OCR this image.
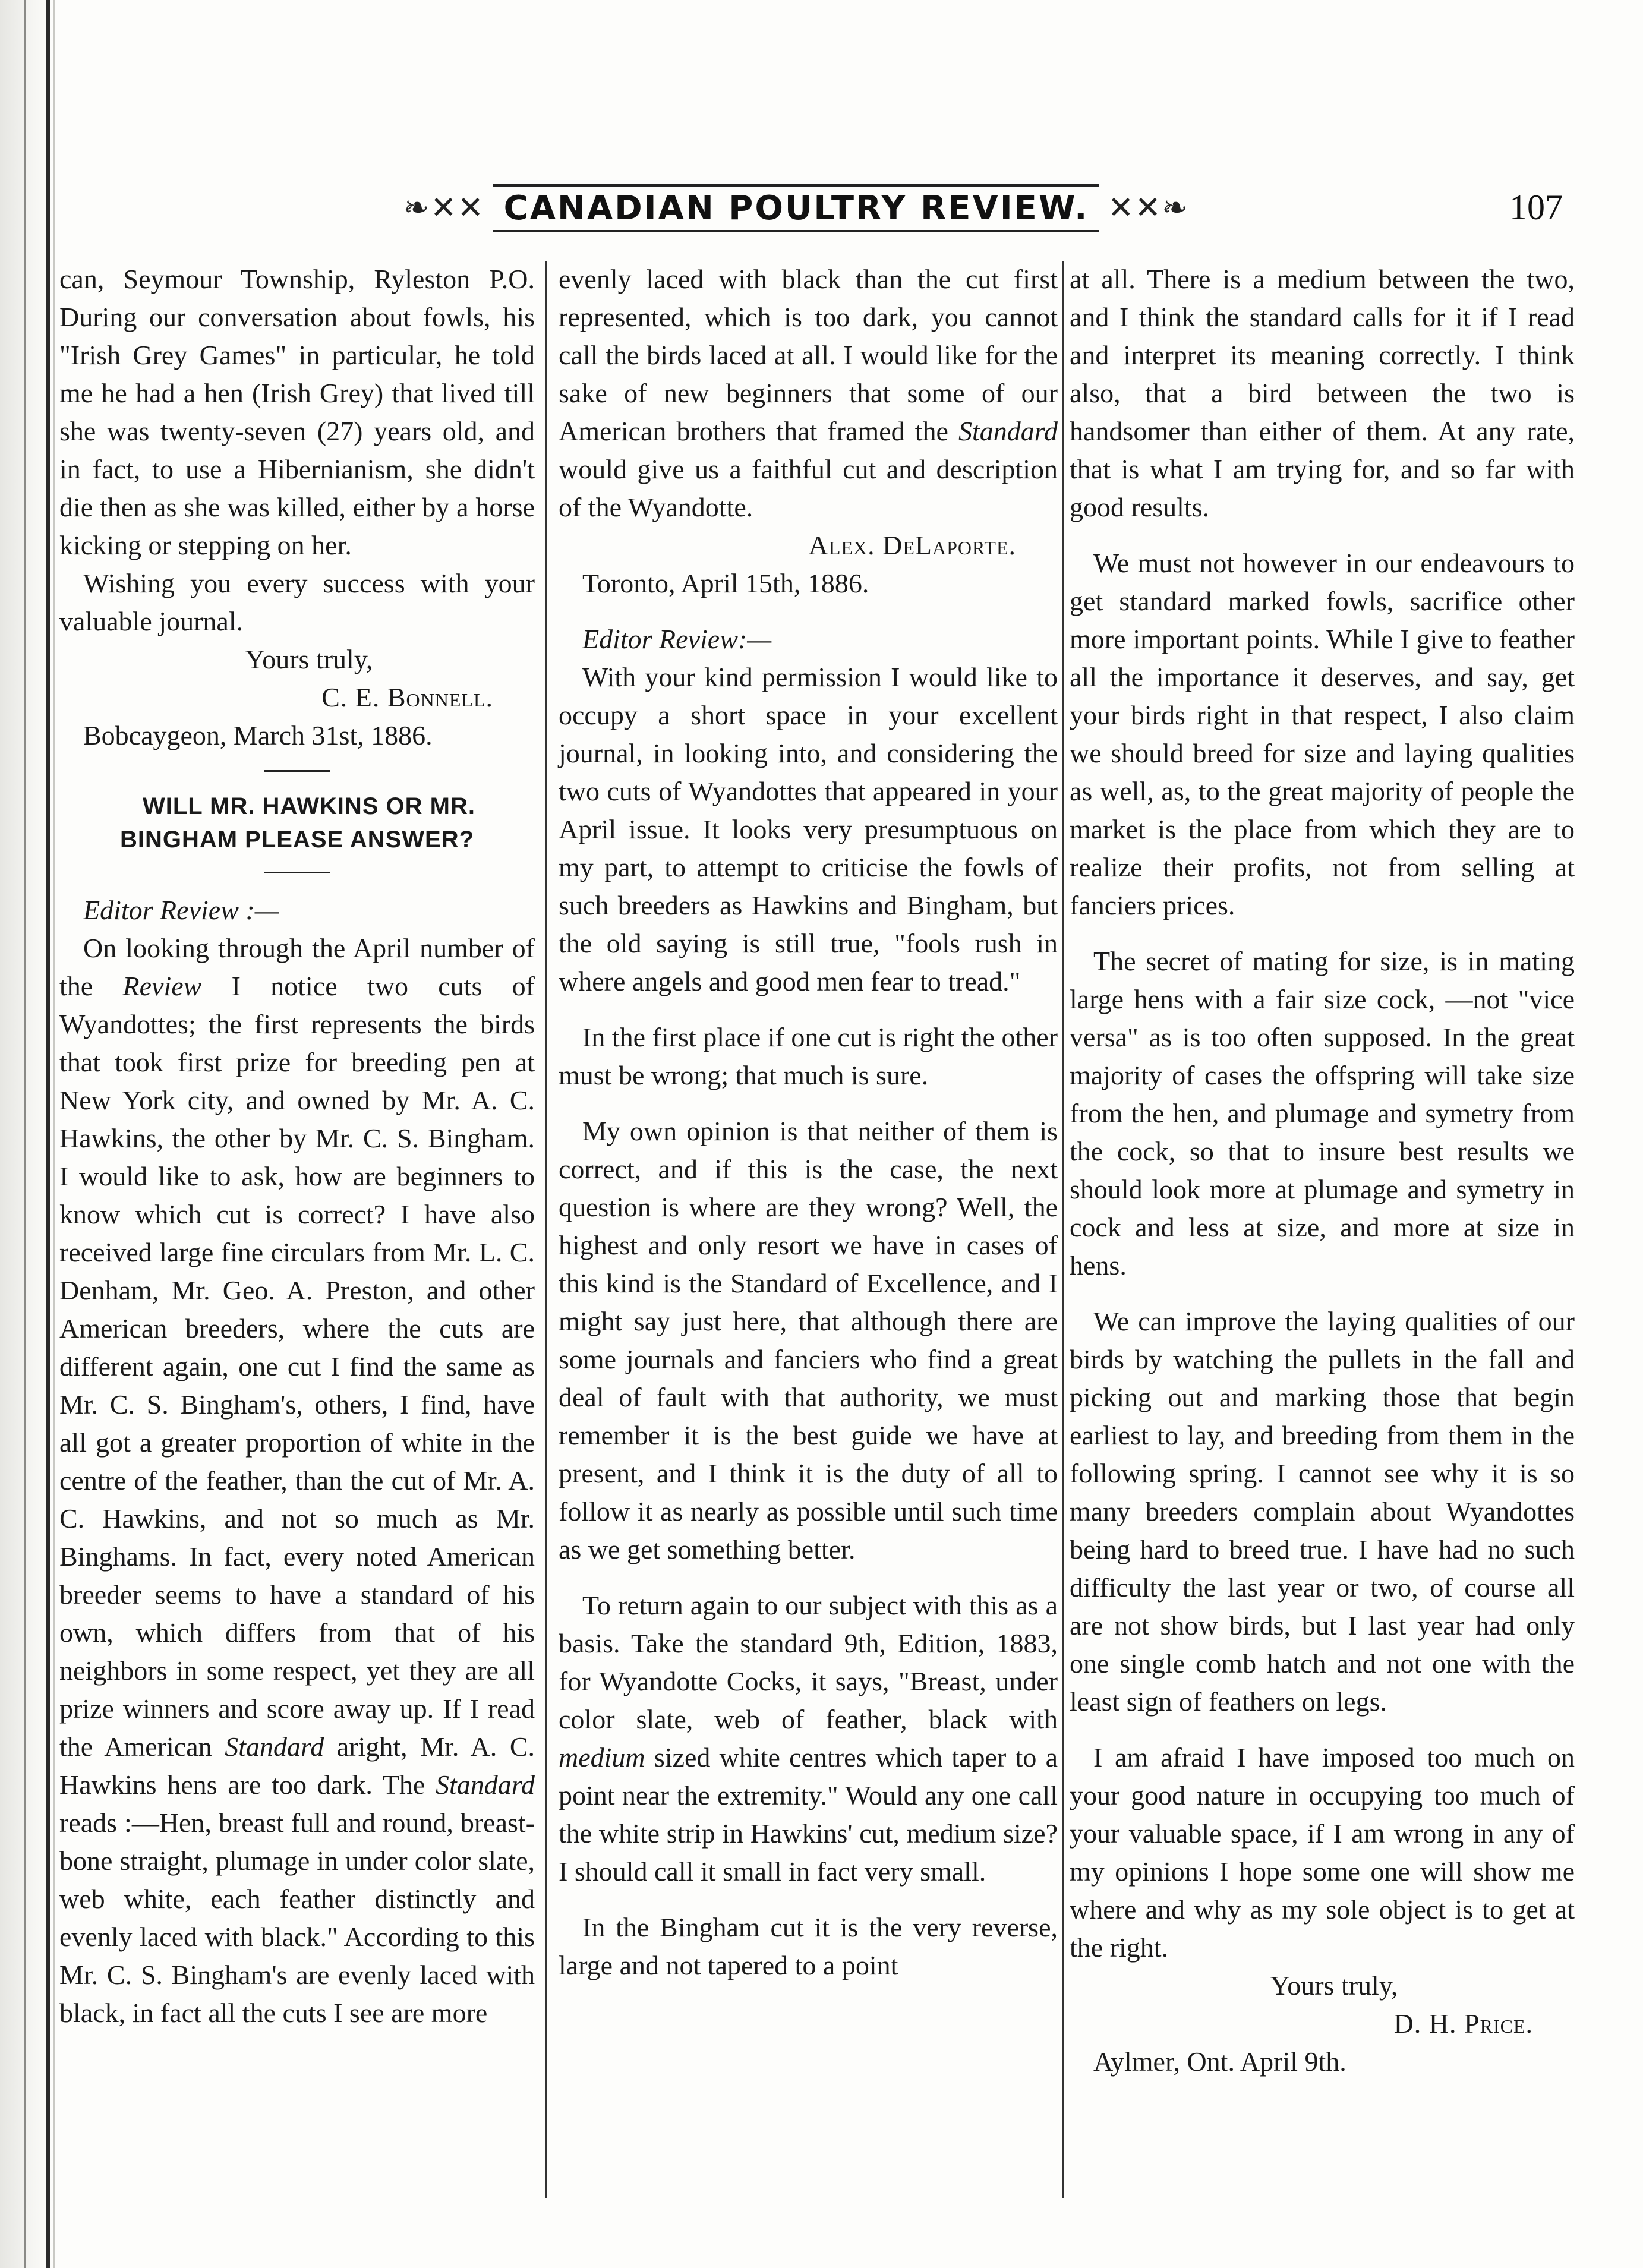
❧✕✕ CANADIAN POULTRY REVIEW. ✕✕❧	107

can, Seymour Township, Ryleston P.O. During our conversation about fowls, his "Irish Grey Games" in particular, he told me he had a hen (Irish Grey) that lived till she was twenty-seven (27) years old, and in fact, to use a Hibernianism, she didn't die then as she was killed, either by a horse kicking or stepping on her.

Wishing you every success with your valuable journal.

Yours truly,

C. E. Bonnell.

Bobcaygeon, March 31st, 1886.

WILL MR. HAWKINS OR MR. BINGHAM PLEASE ANSWER?

Editor Review :—

On looking through the April number of the Review I notice two cuts of Wyandottes; the first represents the birds that took first prize for breeding pen at New York city, and owned by Mr. A. C. Hawkins, the other by Mr. C. S. Bingham. I would like to ask, how are beginners to know which cut is correct? I have also received large fine circulars from Mr. L. C. Denham, Mr. Geo. A. Preston, and other American breeders, where the cuts are different again, one cut I find the same as Mr. C. S. Bingham's, others, I find, have all got a greater proportion of white in the centre of the feather, than the cut of Mr. A. C. Hawkins, and not so much as Mr. Binghams. In fact, every noted American breeder seems to have a standard of his own, which differs from that of his neighbors in some respect, yet they are all prize winners and score away up. If I read the American Standard aright, Mr. A. C. Hawkins hens are too dark. The Standard reads :—Hen, breast full and round, breast-bone straight, plumage in under color slate, web white, each feather distinctly and evenly laced with black." According to this Mr. C. S. Bingham's are evenly laced with black, in fact all the cuts I see are more

evenly laced with black than the cut first represented, which is too dark, you cannot call the birds laced at all. I would like for the sake of new beginners that some of our American brothers that framed the Standard would give us a faithful cut and description of the Wyandotte.

Alex. DeLaporte.

Toronto, April 15th, 1886.

Editor Review:—

With your kind permission I would like to occupy a short space in your excellent journal, in looking into, and considering the two cuts of Wyandottes that appeared in your April issue. It looks very presumptuous on my part, to attempt to criticise the fowls of such breeders as Hawkins and Bingham, but the old saying is still true, "fools rush in where angels and good men fear to tread."

In the first place if one cut is right the other must be wrong; that much is sure.

My own opinion is that neither of them is correct, and if this is the case, the next question is where are they wrong? Well, the highest and only resort we have in cases of this kind is the Standard of Excellence, and I might say just here, that although there are some journals and fanciers who find a great deal of fault with that authority, we must remember it is the best guide we have at present, and I think it is the duty of all to follow it as nearly as possible until such time as we get something better.

To return again to our subject with this as a basis. Take the standard 9th, Edition, 1883, for Wyandotte Cocks, it says, "Breast, under color slate, web of feather, black with medium sized white centres which taper to a point near the extremity." Would any one call the white strip in Hawkins' cut, medium size? I should call it small in fact very small.

In the Bingham cut it is the very reverse, large and not tapered to a point

at all. There is a medium between the two, and I think the standard calls for it if I read and interpret its meaning correctly. I think also, that a bird between the two is handsomer than either of them. At any rate, that is what I am trying for, and so far with good results.

We must not however in our endeavours to get standard marked fowls, sacrifice other more important points. While I give to feather all the importance it deserves, and say, get your birds right in that respect, I also claim we should breed for size and laying qualities as well, as, to the great majority of people the market is the place from which they are to realize their profits, not from selling at fanciers prices.

The secret of mating for size, is in mating large hens with a fair size cock, —not "vice versa" as is too often supposed. In the great majority of cases the offspring will take size from the hen, and plumage and symetry from the cock, so that to insure best results we should look more at plumage and symetry in cock and less at size, and more at size in hens.

We can improve the laying qualities of our birds by watching the pullets in the fall and picking out and marking those that begin earliest to lay, and breeding from them in the following spring. I cannot see why it is so many breeders complain about Wyandottes being hard to breed true. I have had no such difficulty the last year or two, of course all are not show birds, but I last year had only one single comb hatch and not one with the least sign of feathers on legs.

I am afraid I have imposed too much on your good nature in occupying too much of your valuable space, if I am wrong in any of my opinions I hope some one will show me where and why as my sole object is to get at the right.

Yours truly,

D. H. Price.

Aylmer, Ont. April 9th.
